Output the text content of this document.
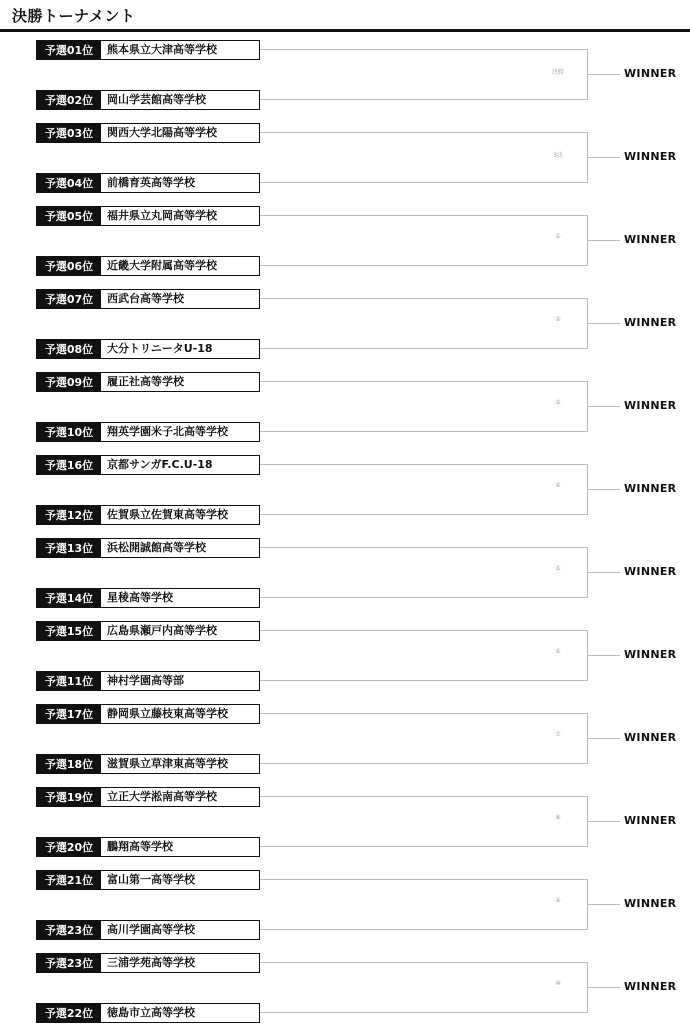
決勝トーナメント
予選01位	熊本県立大津高等学校
予選02位	岡山学芸館高等学校
決勝	WINNER
予選03位	関西大学北陽高等学校
予選04位	前橋育英高等学校
3決	WINNER
予選05位	福井県立丸岡高等学校
予選06位	近畿大学附属高等学校
①	WINNER
予選07位	西武台高等学校
予選08位	大分トリニータU-18
②	WINNER
予選09位	履正社高等学校
予選10位	翔英学園米子北高等学校
③	WINNER
予選16位	京都サンガF.C.U-18
予選12位	佐賀県立佐賀東高等学校
④	WINNER
予選13位	浜松開誠館高等学校
予選14位	星稜高等学校
⑤	WINNER
予選15位	広島県瀬戸内高等学校
予選11位	神村学園高等部
⑥	WINNER
予選17位	静岡県立藤枝東高等学校
予選18位	滋賀県立草津東高等学校
⑦	WINNER
予選19位	立正大学淞南高等学校
予選20位	鵬翔高等学校
⑧	WINNER
予選21位	富山第一高等学校
予選23位	高川学園高等学校
⑨	WINNER
予選23位	三浦学苑高等学校
予選22位	徳島市立高等学校
⑩	WINNER
